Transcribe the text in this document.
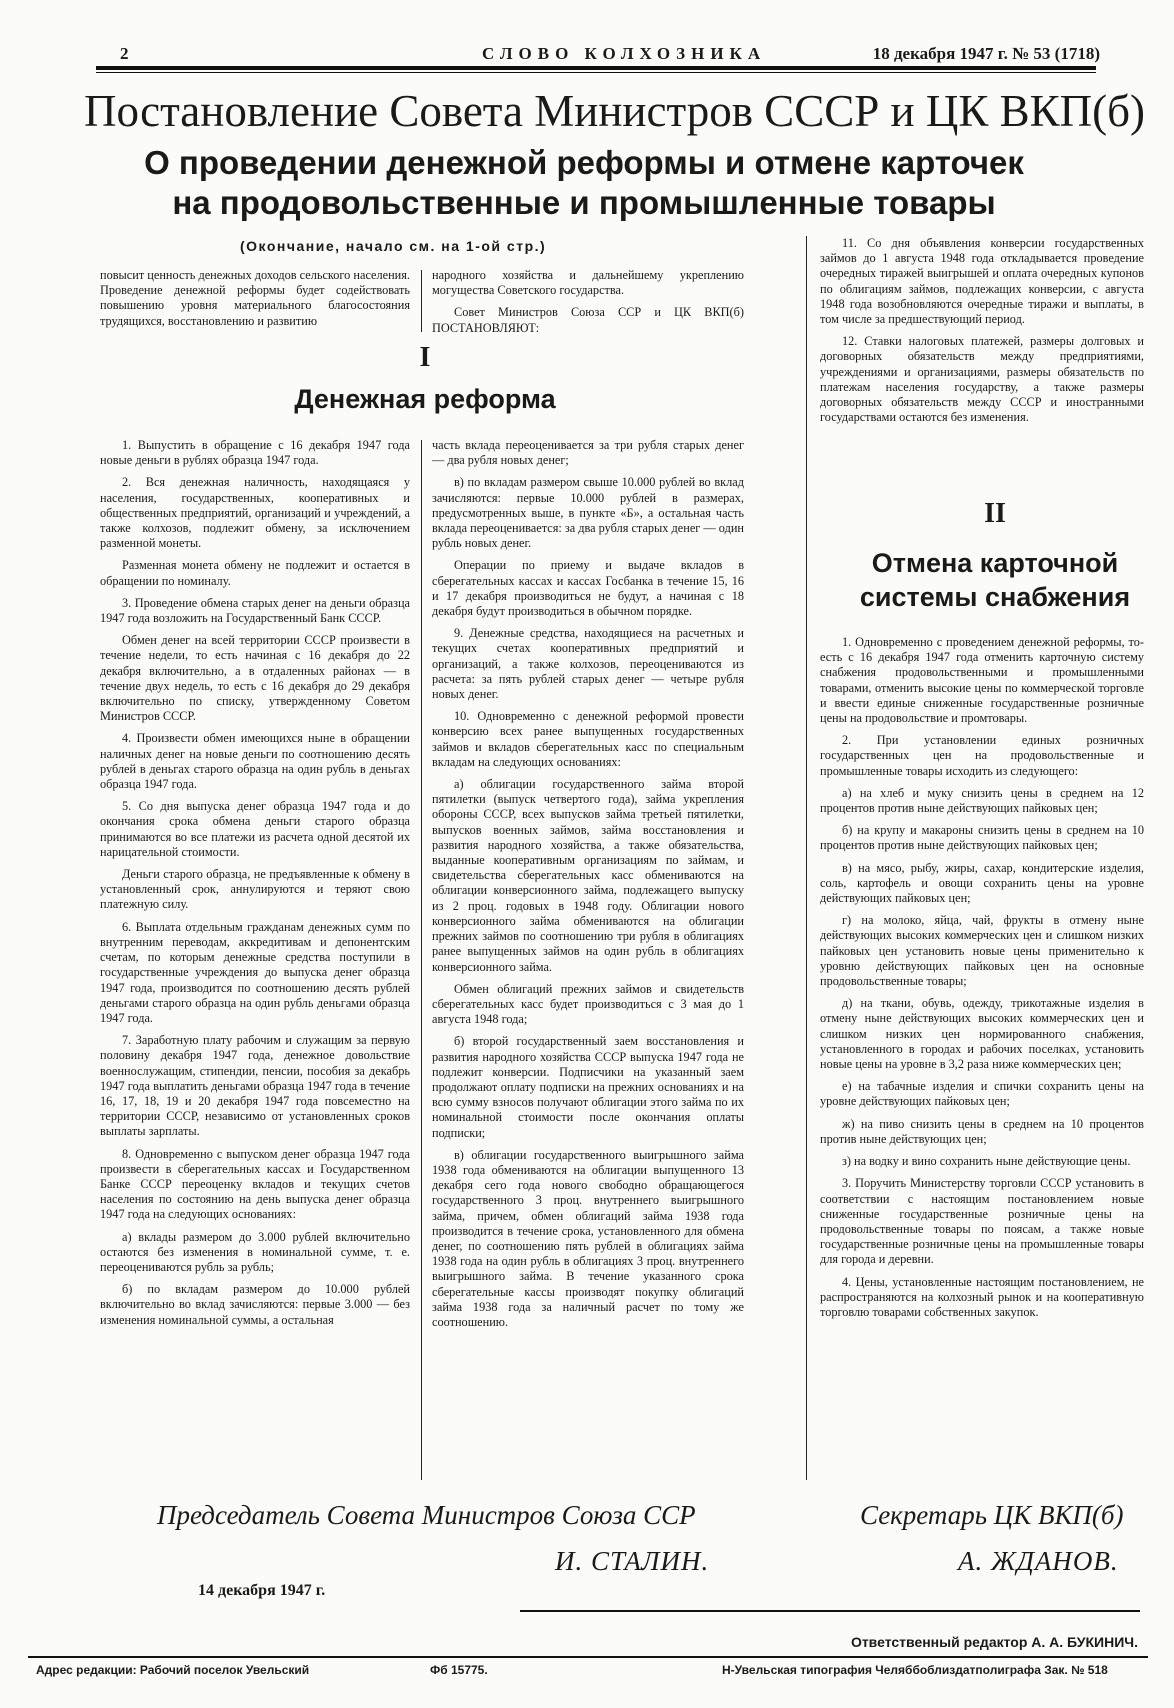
2	СЛОВО КОЛХОЗНИКА	18 декабря 1947 г. № 53 (1718)
Постановление Совета Министров СССР и ЦК ВКП(б)
О проведении денежной реформы и отмене карточек
на продовольственные и промышленные товары
(Окончание, начало см. на 1-ой стр.)

повысит ценность денежных доходов сельского населения. Проведение денежной реформы будет содействовать повышению уровня материального благосостояния трудящихся, восстановлению и развитию

народного хозяйства и дальнейшему укреплению могущества Советского государства.

Совет Министров Союза ССР и ЦК ВКП(б) ПОСТАНОВЛЯЮТ:

11. Со дня объявления конверсии государственных займов до 1 августа 1948 года откладывается проведение очередных тиражей выигрышей и оплата очередных купонов по облигациям займов, подлежащих конверсии, с августа 1948 года возобновляются очередные тиражи и выплаты, в том числе за предшествующий период.

12. Ставки налоговых платежей, размеры долговых и договорных обязательств между предприятиями, учреждениями и организациями, размеры обязательств по платежам населения государству, а также размеры договорных обязательств между СССР и иностранными государствами остаются без изменения.

I
Денежная реформа

1. Выпустить в обращение с 16 декабря 1947 года новые деньги в рублях образца 1947 года.

2. Вся денежная наличность, находящаяся у населения, государственных, кооперативных и общественных предприятий, организаций и учреждений, а также колхозов, подлежит обмену, за исключением разменной монеты.

Разменная монета обмену не подлежит и остается в обращении по номиналу.

3. Проведение обмена старых денег на деньги образца 1947 года возложить на Государственный Банк СССР.

Обмен денег на всей территории СССР произвести в течение недели, то есть начиная с 16 декабря до 22 декабря включительно, а в отдаленных районах — в течение двух недель, то есть с 16 декабря до 29 декабря включительно по списку, утвержденному Советом Министров СССР.

4. Произвести обмен имеющихся ныне в обращении наличных денег на новые деньги по соотношению десять рублей в деньгах старого образца на один рубль в деньгах образца 1947 года.

5. Со дня выпуска денег образца 1947 года и до окончания срока обмена деньги старого образца принимаются во все платежи из расчета одной десятой их нарицательной стоимости.

Деньги старого образца, не предъявленные к обмену в установленный срок, аннулируются и теряют свою платежную силу.

6. Выплата отдельным гражданам денежных сумм по внутренним переводам, аккредитивам и депонентским счетам, по которым денежные средства поступили в государственные учреждения до выпуска денег образца 1947 года, производится по соотношению десять рублей деньгами старого образца на один рубль деньгами образца 1947 года.

7. Заработную плату рабочим и служащим за первую половину декабря 1947 года, денежное довольствие военнослужащим, стипендии, пенсии, пособия за декабрь 1947 года выплатить деньгами образца 1947 года в течение 16, 17, 18, 19 и 20 декабря 1947 года повсеместно на территории СССР, независимо от установленных сроков выплаты зарплаты.

8. Одновременно с выпуском денег образца 1947 года произвести в сберегательных кассах и Государственном Банке СССР переоценку вкладов и текущих счетов населения по состоянию на день выпуска денег образца 1947 года на следующих основаниях:

а) вклады размером до 3.000 рублей включительно остаются без изменения в номинальной сумме, т. е. переоцениваются рубль за рубль;

б) по вкладам размером до 10.000 рублей включительно во вклад зачисляются: первые 3.000 — без изменения номинальной суммы, а остальная

часть вклада переоценивается за три рубля старых денег — два рубля новых денег;

в) по вкладам размером свыше 10.000 рублей во вклад зачисляются: первые 10.000 рублей в размерах, предусмотренных выше, в пункте «Б», а остальная часть вклада переоценивается: за два рубля старых денег — один рубль новых денег.

Операции по приему и выдаче вкладов в сберегательных кассах и кассах Госбанка в течение 15, 16 и 17 декабря производиться не будут, а начиная с 18 декабря будут производиться в обычном порядке.

9. Денежные средства, находящиеся на расчетных и текущих счетах кооперативных предприятий и организаций, а также колхозов, переоцениваются из расчета: за пять рублей старых денег — четыре рубля новых денег.

10. Одновременно с денежной реформой провести конверсию всех ранее выпущенных государственных займов и вкладов сберегательных касс по специальным вкладам на следующих основаниях:

а) облигации государственного займа второй пятилетки (выпуск четвертого года), займа укрепления обороны СССР, всех выпусков займа третьей пятилетки, выпусков военных займов, займа восстановления и развития народного хозяйства, а также обязательства, выданные кооперативным организациям по займам, и свидетельства сберегательных касс обмениваются на облигации конверсионного займа, подлежащего выпуску из 2 проц. годовых в 1948 году. Облигации нового конверсионного займа обмениваются на облигации прежних займов по соотношению три рубля в облигациях ранее выпущенных займов на один рубль в облигациях конверсионного займа.

Обмен облигаций прежних займов и свидетельств сберегательных касс будет производиться с 3 мая до 1 августа 1948 года;

б) второй государственный заем восстановления и развития народного хозяйства СССР выпуска 1947 года не подлежит конверсии. Подписчики на указанный заем продолжают оплату подписки на прежних основаниях и на всю сумму взносов получают облигации этого займа по их номинальной стоимости после окончания оплаты подписки;

в) облигации государственного выигрышного займа 1938 года обмениваются на облигации выпущенного 13 декабря сего года нового свободно обращающегося государственного 3 проц. внутреннего выигрышного займа, причем, обмен облигаций займа 1938 года производится в течение срока, установленного для обмена денег, по соотношению пять рублей в облигациях займа 1938 года на один рубль в облигациях 3 проц. внутреннего выигрышного займа. В течение указанного срока сберегательные кассы производят покупку облигаций займа 1938 года за наличный расчет по тому же соотношению.

II
Отмена карточной
системы снабжения

1. Одновременно с проведением денежной реформы, то-есть с 16 декабря 1947 года отменить карточную систему снабжения продовольственными и промышленными товарами, отменить высокие цены по коммерческой торговле и ввести единые сниженные государственные розничные цены на продовольствие и промтовары.

2. При установлении единых розничных государственных цен на продовольственные и промышленные товары исходить из следующего:

а) на хлеб и муку снизить цены в среднем на 12 процентов против ныне действующих пайковых цен;

б) на крупу и макароны снизить цены в среднем на 10 процентов против ныне действующих пайковых цен;

в) на мясо, рыбу, жиры, сахар, кондитерские изделия, соль, картофель и овощи сохранить цены на уровне действующих пайковых цен;

г) на молоко, яйца, чай, фрукты в отмену ныне действующих высоких коммерческих цен и слишком низких пайковых цен установить новые цены применительно к уровню действующих пайковых цен на основные продовольственные товары;

д) на ткани, обувь, одежду, трикотажные изделия в отмену ныне действующих высоких коммерческих цен и слишком низких цен нормированного снабжения, установленного в городах и рабочих поселках, установить новые цены на уровне в 3,2 раза ниже коммерческих цен;

е) на табачные изделия и спички сохранить цены на уровне действующих пайковых цен;

ж) на пиво снизить цены в среднем на 10 процентов против ныне действующих цен;

з) на водку и вино сохранить ныне действующие цены.

3. Поручить Министерству торговли СССР установить в соответствии с настоящим постановлением новые сниженные государственные розничные цены на продовольственные товары по поясам, а также новые государственные розничные цены на промышленные товары для города и деревни.

4. Цены, установленные настоящим постановлением, не распространяются на колхозный рынок и на кооперативную торговлю товарами собственных закупок.

Председатель Совета Министров Союза ССР
И. СТАЛИН.
Секретарь ЦК ВКП(б)
А. ЖДАНОВ.
14 декабря 1947 г.
Ответственный редактор А. А. БУКИНИЧ.
Адрес редакции: Рабочий поселок Увельский	Фб 15775.	Н-Увельская типография Челяббоблиздатполиграфа Зак. № 518
